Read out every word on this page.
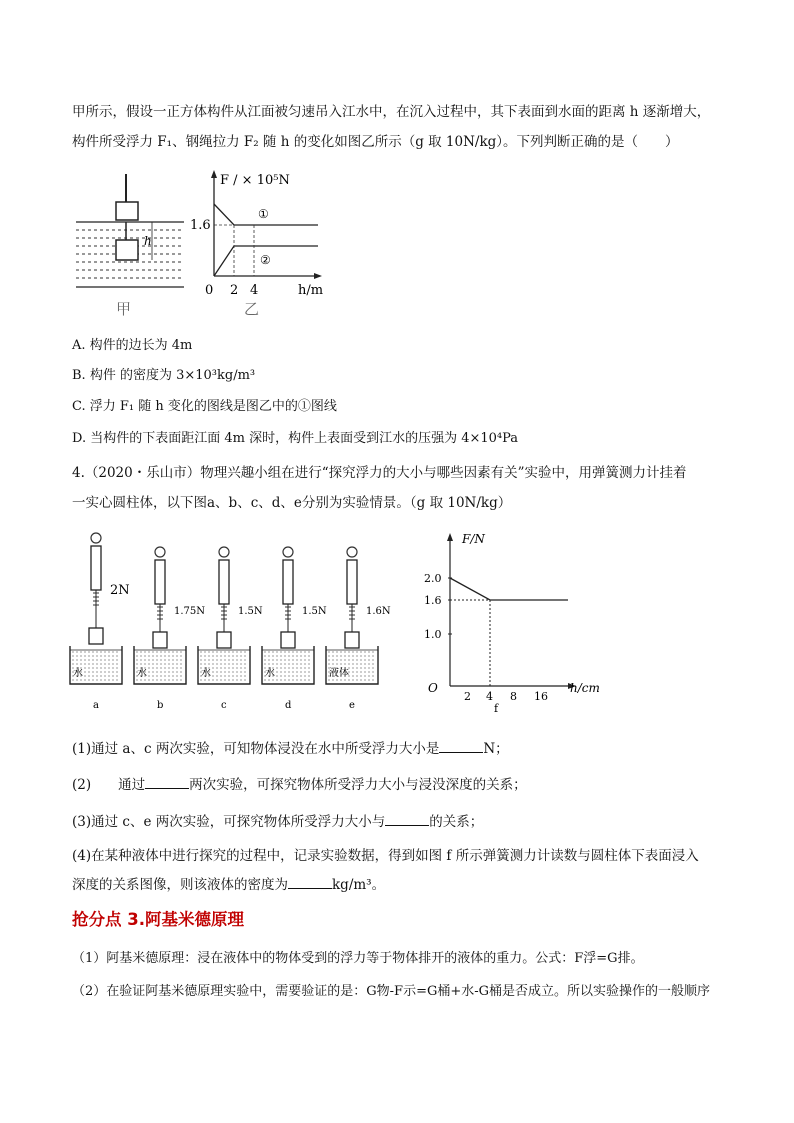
甲所示，假设一正方体构件从江面被匀速吊入江水中，在沉入过程中，其下表面到水面的距离 h 逐渐增大，
构件所受浮力 F₁、钢绳拉力 F₂ 随 h 的变化如图乙所示（g 取 10N/kg）。下列判断正确的是（　　）
h
甲
F / × 10⁵N
1.6
①
②
0 2 4	h/m
乙
A. 构件的边长为 4m
B. 构件 的密度为 3×10³kg/m³
C. 浮力 F₁ 随 h 变化的图线是图乙中的①图线
D. 当构件的下表面距江面 4m 深时，构件上表面受到江水的压强为 4×10⁴Pa
4.（2020・乐山市）物理兴趣小组在进行“探究浮力的大小与哪些因素有关”实验中，用弹簧测力计挂着
一实心圆柱体，以下图a、b、c、d、e分别为实验情景。（g 取 10N/kg）
水
2N
a
水
1.75N
b
水
1.5N
c
水
1.5N
d
液体
1.6N
e
F/N
h/cm
O
2.0
1.6
1.0
2 4 8 16
f
(1)通过 a、c 两次实验，可知物体浸没在水中所受浮力大小是	N；
(2)　　通过	两次实验，可探究物体所受浮力大小与浸没深度的关系；
(3)通过 c、e 两次实验，可探究物体所受浮力大小与	的关系；
(4)在某种液体中进行探究的过程中，记录实验数据，得到如图 f 所示弹簧测力计读数与圆柱体下表面浸入
深度的关系图像，则该液体的密度为	kg/m³。
抢分点 3.阿基米德原理
（1）阿基米德原理：浸在液体中的物体受到的浮力等于物体排开的液体的重力。公式：F浮=G排。
（2）在验证阿基米德原理实验中，需要验证的是：G物-F示=G桶+水-G桶是否成立。所以实验操作的一般顺序
